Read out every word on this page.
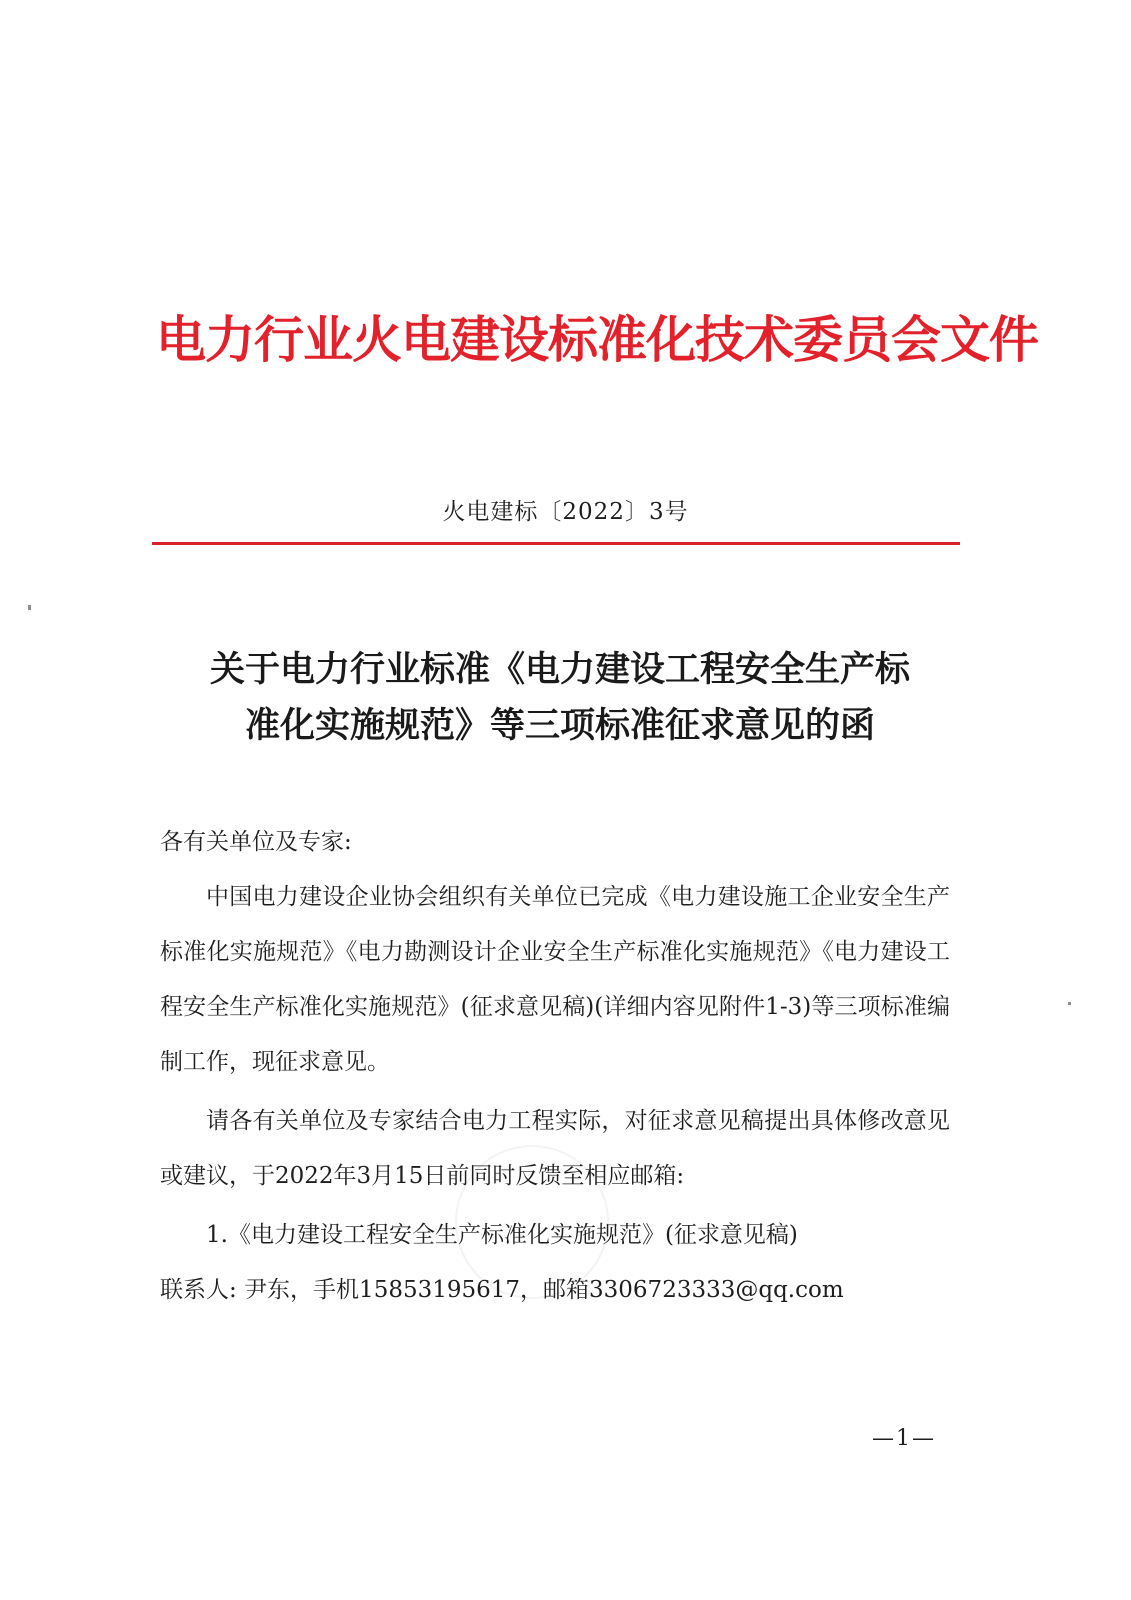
电力行业火电建设标准化技术委员会文件
火电建标〔2022〕3号
关于电力行业标准《电力建设工程安全生产标
准化实施规范》等三项标准征求意见的函

各有关单位及专家:

中国电力建设企业协会组织有关单位已完成《电力建设施工企业安全生产标准化实施规范》《电力勘测设计企业安全生产标准化实施规范》《电力建设工程安全生产标准化实施规范》(征求意见稿)(详细内容见附件1-3)等三项标准编制工作，现征求意见。

请各有关单位及专家结合电力工程实际，对征求意见稿提出具体修改意见或建议，于2022年3月15日前同时反馈至相应邮箱:

1.《电力建设工程安全生产标准化实施规范》(征求意见稿)

联系人: 尹东，手机15853195617，邮箱3306723333@qq.com

—1—
